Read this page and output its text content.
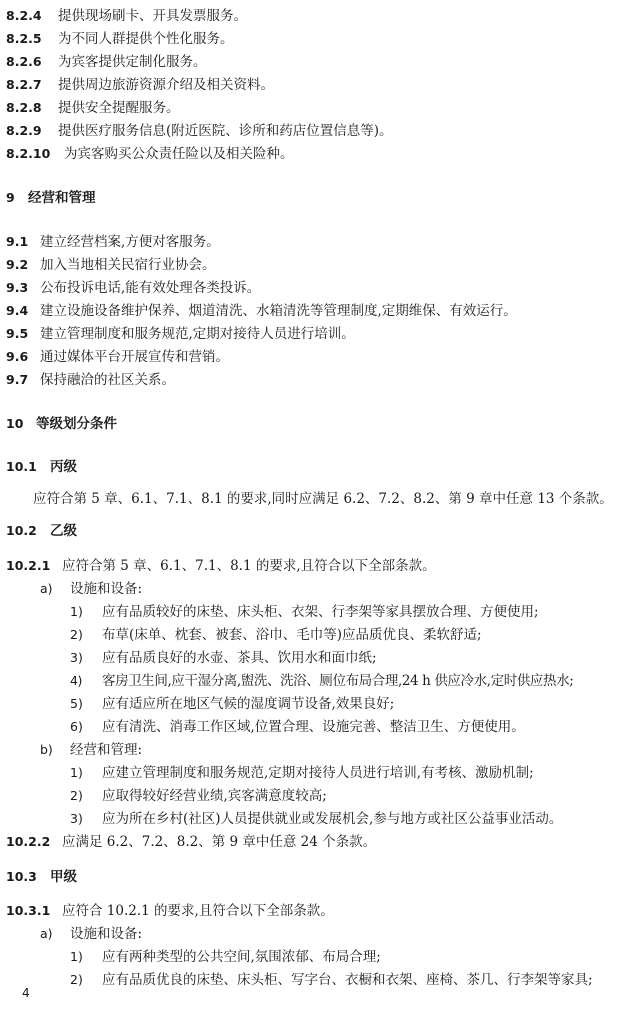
8.2.4 提供现场刷卡、开具发票服务。
8.2.5 为不同人群提供个性化服务。
8.2.6 为宾客提供定制化服务。
8.2.7 提供周边旅游资源介绍及相关资料。
8.2.8 提供安全提醒服务。
8.2.9 提供医疗服务信息(附近医院、诊所和药店位置信息等)。
8.2.10 为宾客购买公众责任险以及相关险种。
9 经营和管理
9.1 建立经营档案,方便对客服务。
9.2 加入当地相关民宿行业协会。
9.3 公布投诉电话,能有效处理各类投诉。
9.4 建立设施设备维护保养、烟道清洗、水箱清洗等管理制度,定期维保、有效运行。
9.5 建立管理制度和服务规范,定期对接待人员进行培训。
9.6 通过媒体平台开展宣传和营销。
9.7 保持融洽的社区关系。
10 等级划分条件
10.1 丙级
应符合第 5 章、6.1、7.1、8.1 的要求,同时应满足 6.2、7.2、8.2、第 9 章中任意 13 个条款。
10.2 乙级
10.2.1 应符合第 5 章、6.1、7.1、8.1 的要求,且符合以下全部条款。
a) 设施和设备:
1) 应有品质较好的床垫、床头柜、衣架、行李架等家具摆放合理、方便使用;
2) 布草(床单、枕套、被套、浴巾、毛巾等)应品质优良、柔软舒适;
3) 应有品质良好的水壶、茶具、饮用水和面巾纸;
4) 客房卫生间,应干湿分离,盥洗、洗浴、厕位布局合理,24 h 供应冷水,定时供应热水;
5) 应有适应所在地区气候的湿度调节设备,效果良好;
6) 应有清洗、消毒工作区域,位置合理、设施完善、整洁卫生、方便使用。
b) 经营和管理:
1) 应建立管理制度和服务规范,定期对接待人员进行培训,有考核、激励机制;
2) 应取得较好经营业绩,宾客满意度较高;
3) 应为所在乡村(社区)人员提供就业或发展机会,参与地方或社区公益事业活动。
10.2.2 应满足 6.2、7.2、8.2、第 9 章中任意 24 个条款。
10.3 甲级
10.3.1 应符合 10.2.1 的要求,且符合以下全部条款。
a) 设施和设备:
1) 应有两种类型的公共空间,氛围浓郁、布局合理;
2) 应有品质优良的床垫、床头柜、写字台、衣橱和衣架、座椅、茶几、行李架等家具;
4
